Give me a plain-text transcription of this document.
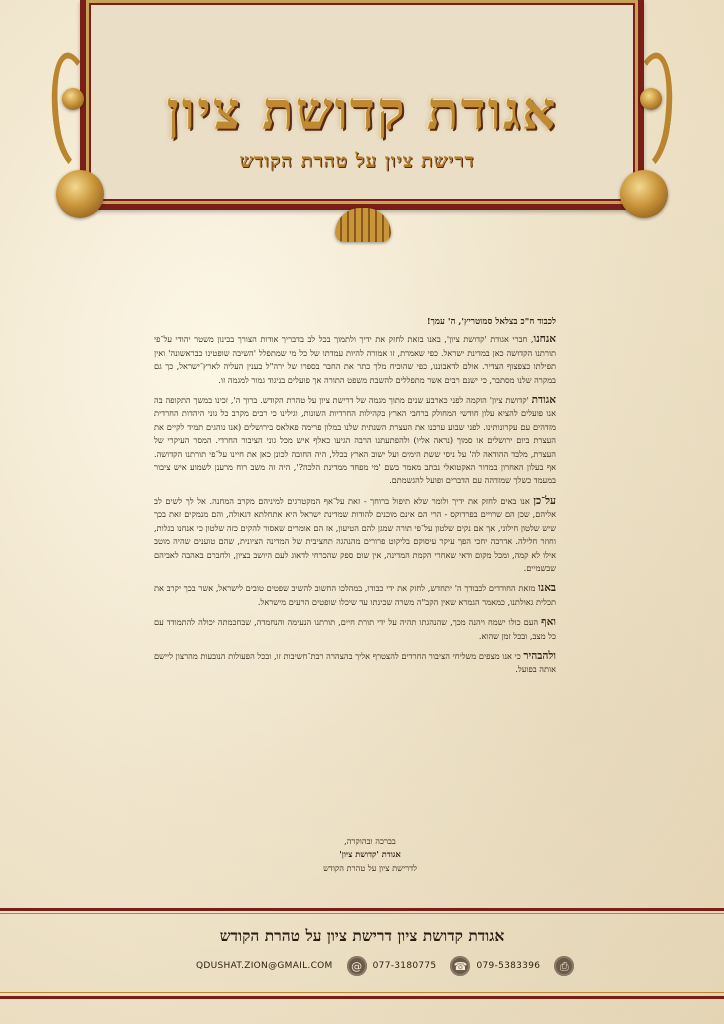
אגודת קדושת ציון
דרישת ציון על טהרת הקודש
לכבוד ח"כ בצלאל סמוטריץ', ה' עמך!

אנחנו, חברי אגודת 'קדושת ציון', באנו בזאת לחזק את ידיך ולתמוך בכל לב בדבריך אודות הצורך בכינון משטר יהודי על־פי תורתנו הקדושה כאן במדינת ישראל. כפי שאמרת, זו אמורה להיות עמדתו של כל מי שמתפלל 'השיבה שופטינו כבראשונה' ואין תפילתו כצפצוף הצדיר. אולם לדאבוננו, כפי שהוכיח מלך כתר את החבר בספרו של ירה"ל בענין העליה לארץ־ישראל, כך גם במקרה שלנו מסתבר, כי ישנם רבים אשר מתפללים להשבת משפט התורה אך פועלים בניגוד גמור למגמה זו.

אגודת 'קדושת ציון' הוקמה לפני כארבע שנים מתוך מגמה של דרישת ציון על טהרת הקודש. ברוך ה', זכינו במשך התקופה בה אנו פועלים להציא עלון חודשי המחולק ברחבי הארץ בקהילות החרדיות השונות, וגילינו כי רבים מקרב כל גוני היהדות החרדית מזדהים עם עקרונותינו. לפני שבוע ערכנו את העצרת השנתית שלנו במלון פרימה פאלאס בירושלים (אנו נוהגים תמיד לקיים את העצרת ביום ירושלים או סמוך (נראה אליו) ולהפתעתנו הרבה הגיעו כאלף איש מכל גוני הציבור החרדי. המסר העיקרי של העצרת, מלבד ההודאה לה' על ניסי ששת הימים ועל ישוב הארץ בכלל, היה החובה לכונן כאן את חיינו על־פי תורתנו הקדושה. אף בעלון האחרון במדור האקטואלי נכתב מאמר בשם 'מי מפחד ממדינת הלכה?', היה זה משב רוח מרענן לשמוע איש ציבור במעמד כשלך שמזדהה עם הדברים ופועל להגשמתם.

על־כן אנו באים לחזק את ידיך ולומר שלא תיפול ברוחך - זאת על־אף המקטרגים למיניהם מקרב המחנה. אל לך לשים לב אליהם, שכן הם שרויים בפרדוקס - הרי הם אינם מוכנים להודות שמדינת ישראל היא אתחלתא דגאולה, והם מנמקים זאת בכך שיש שלטון חילוני, אך אם נקים שלטון על־פי תורה שמגן להם הטיעון, אז הם אומרים שאסור להקים כזה שלטון כי אנחנו בגלות, וחוזר חלילה. אדרבה יחכי הפך עיקר עיסוקם בליקוט פרורים מהנהגה תחציבית של המדינה הציונית, שהם טוענים שהיה מוטב אילו לא קמה, ומכל מקום ודאי שאחרי הקמת המדינה, אין שום ספק שהכרחי לדאוג לעם היושב בציון, ולחברם באהבה לאביהם שבשמיים.

באנו מזאת החודדים לכבודך ה' יתחדש, לחזק את ידי כבודו, במהלכו החשוב להשיב שפטים טובים לישראל, אשר בכך יקרב את תכלית גאולתנו, כמאמר הגמרא שאין הקב"ה משרה שכינתו עד שיכלו שופטים הרעים מישראל.

ואף העם כולו ישמח ויהנה מכך, שהנהגתו תהיה על ידי תורת חיים, תורתנו הנעימה והנחמדה, שבחכמתה יכולה להתמודד עם כל מצב, ובכל זמן שהוא.

ולהבהיר כי אנו מצפים משליחי הציבור החרדים להצטרף אליך בהצהרה רבת־חשיבות זו, ובכל הפעולות הנובעות מהרצון ליישם אותה בפועל.

בברכה ובהוקרה,
אגודת 'קדושת ציון'
לדרישת ציון על טהרת הקודש
אגודת קדושת ציון דרישת ציון על טהרת הקודש
QDUSHAT.ZION@GMAIL.COM	@	077-3180775 ☎	079-5383396	⎙
